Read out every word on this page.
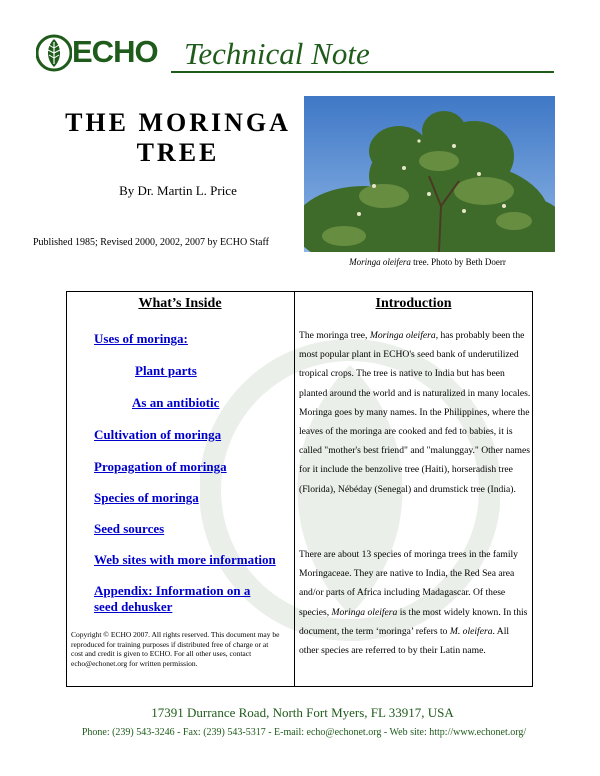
ECHO Technical Note
THE MORINGA TREE
By Dr. Martin L. Price
Published 1985; Revised 2000, 2002, 2007 by ECHO Staff
Moringa oleifera tree. Photo by Beth Doerr
What’s Inside
Uses of moringa:
Plant parts
As an antibiotic
Cultivation of moringa
Propagation of moringa
Species of moringa
Seed sources
Web sites with more information
Appendix: Information on a seed dehusker
Copyright © ECHO 2007. All rights reserved. This document may be reproduced for training purposes if distributed free of charge or at cost and credit is given to ECHO. For all other uses, contact echo@echonet.org for written permission.
Introduction
The moringa tree, Moringa oleifera, has probably been the most popular plant in ECHO's seed bank of underutilized tropical crops. The tree is native to India but has been planted around the world and is naturalized in many locales. Moringa goes by many names. In the Philippines, where the leaves of the moringa are cooked and fed to babies, it is called "mother's best friend" and "malunggay." Other names for it include the benzolive tree (Haiti), horseradish tree (Florida), Nébéday (Senegal) and drumstick tree (India).
There are about 13 species of moringa trees in the family Moringaceae. They are native to India, the Red Sea area and/or parts of Africa including Madagascar. Of these species, Moringa oleifera is the most widely known. In this document, the term ‘moringa’ refers to M. oleifera. All other species are referred to by their Latin name.
17391 Durrance Road, North Fort Myers, FL 33917, USA
Phone: (239) 543-3246 - Fax: (239) 543-5317 - E-mail: echo@echonet.org - Web site: http://www.echonet.org/
